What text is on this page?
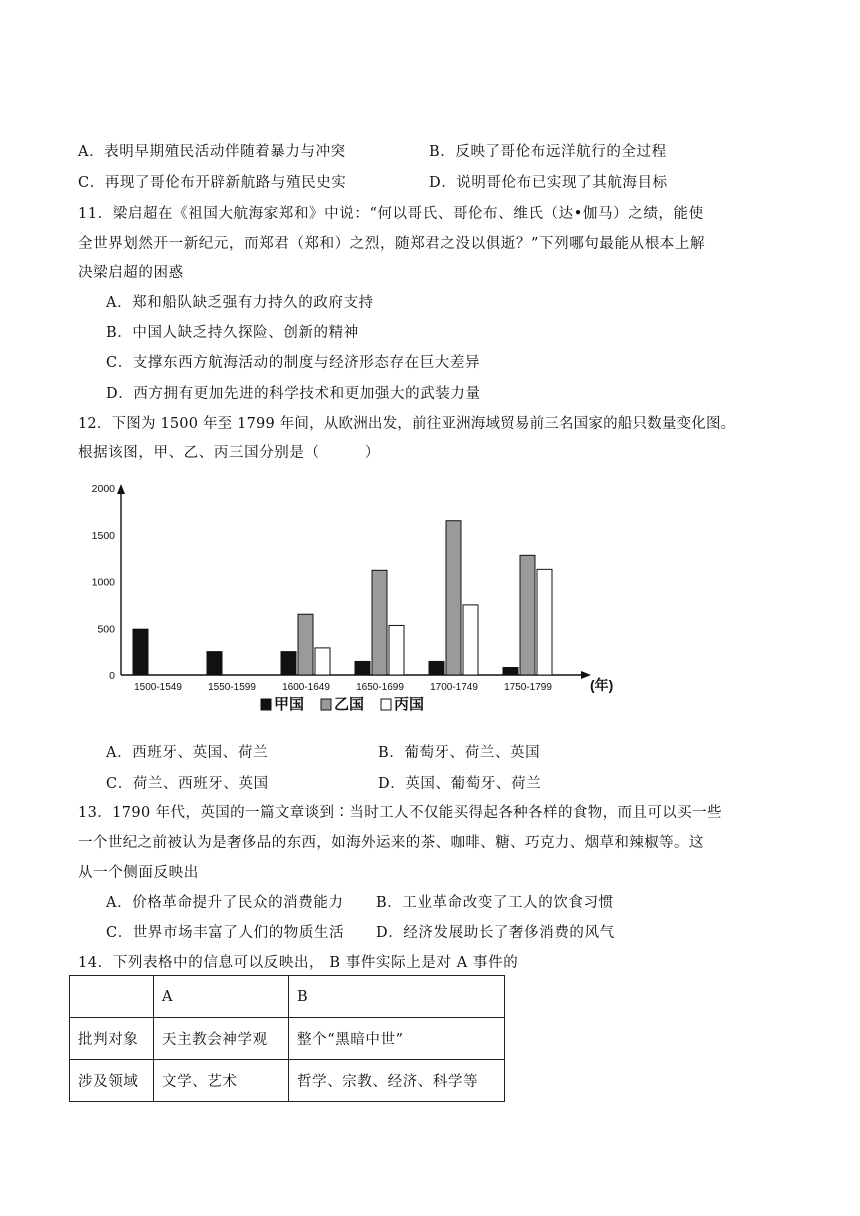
A．表明早期殖民活动伴随着暴力与冲突	B．反映了哥伦布远洋航行的全过程
C．再现了哥伦布开辟新航路与殖民史实	D．说明哥伦布已实现了其航海目标
11．梁启超在《祖国大航海家郑和》中说：“何以哥氏、哥伦布、维氏（达•伽马）之绩，能使
全世界划然开一新纪元，而郑君（郑和）之烈，随郑君之没以俱逝？”下列哪句最能从根本上解
决梁启超的困惑
A．郑和船队缺乏强有力持久的政府支持
B．中国人缺乏持久探险、创新的精神
C．支撑东西方航海活动的制度与经济形态存在巨大差异
D．西方拥有更加先进的科学技术和更加强大的武装力量
12．下图为 1500 年至 1799 年间，从欧洲出发，前往亚洲海域贸易前三名国家的船只数量变化图。
根据该图，甲、乙、丙三国分别是（　　　）
2000
1500
1000
500
0
1500-1549	1550-1599	1600-1649	1650-1699	1700-1749	1750-1799	(年)
甲国 乙国 丙国
A．西班牙、英国、荷兰	B．葡萄牙、荷兰、英国
C．荷兰、西班牙、英国	D．英国、葡萄牙、荷兰
13．1790 年代，英国的一篇文章谈到∶当时工人不仅能买得起各种各样的食物，而且可以买一些
一个世纪之前被认为是奢侈品的东西，如海外运来的茶、咖啡、糖、巧克力、烟草和辣椒等。这
从一个侧面反映出
A．价格革命提升了民众的消费能力 B．工业革命改变了工人的饮食习惯
C．世界市场丰富了人们的物质生活 D．经济发展助长了奢侈消费的风气
14．下列表格中的信息可以反映出， B 事件实际上是对 A 事件的
	A	B
批判对象	天主教会神学观	整个“黑暗中世”
涉及领域	文学、艺术	哲学、宗教、经济、科学等
